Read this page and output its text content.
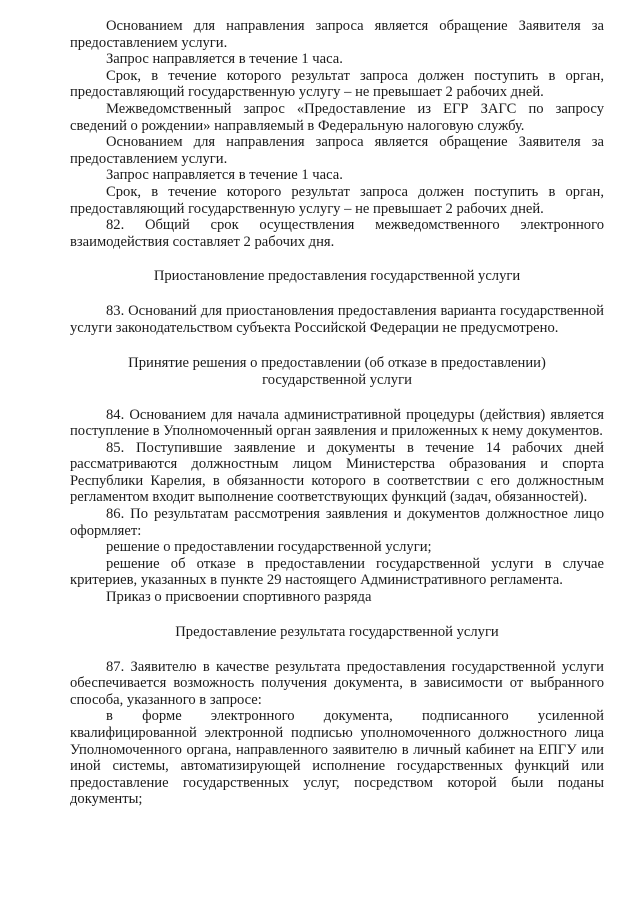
Основанием для направления запроса является обращение Заявителя за предоставлением услуги.

Запрос направляется в течение 1 часа.

Срок, в течение которого результат запроса должен поступить в орган, предоставляющий государственную услугу – не превышает 2 рабочих дней.

Межведомственный запрос «Предоставление из ЕГР ЗАГС по запросу сведений о рождении» направляемый в Федеральную налоговую службу.

Основанием для направления запроса является обращение Заявителя за предоставлением услуги.

Запрос направляется в течение 1 часа.

Срок, в течение которого результат запроса должен поступить в орган, предоставляющий государственную услугу – не превышает 2 рабочих дней.

82. Общий срок осуществления межведомственного электронного взаимодействия составляет 2 рабочих дня.

Приостановление предоставления государственной услуги

83. Оснований для приостановления предоставления варианта государственной услуги законодательством субъекта Российской Федерации не предусмотрено.

Принятие решения о предоставлении (об отказе в предоставлении) государственной услуги

84. Основанием для начала административной процедуры (действия) является поступление в Уполномоченный орган заявления и приложенных к нему документов.

85. Поступившие заявление и документы в течение 14 рабочих дней рассматриваются должностным лицом Министерства образования и спорта Республики Карелия, в обязанности которого в соответствии с его должностным регламентом входит выполнение соответствующих функций (задач, обязанностей).

86. По результатам рассмотрения заявления и документов должностное лицо оформляет:

решение о предоставлении государственной услуги;

решение об отказе в предоставлении государственной услуги в случае критериев, указанных в пункте 29 настоящего Административного регламента.

Приказ о присвоении спортивного разряда

Предоставление результата государственной услуги

87. Заявителю в качестве результата предоставления государственной услуги обеспечивается возможность получения документа, в зависимости от выбранного способа, указанного в запросе:

в форме электронного документа, подписанного усиленной квалифицированной электронной подписью уполномоченного должностного лица Уполномоченного органа, направленного заявителю в личный кабинет на ЕПГУ или иной системы, автоматизирующей исполнение государственных функций или предоставление государственных услуг, посредством которой были поданы документы;
